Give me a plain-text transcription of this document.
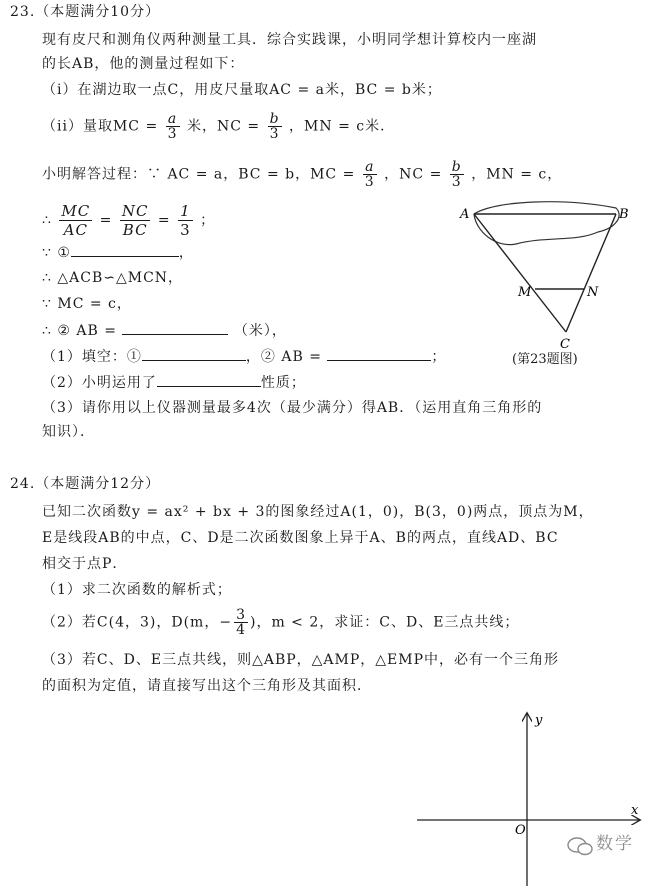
23.（本题满分10分）
现有皮尺和测角仪两种测量工具．综合实践课，小明同学想计算校内一座湖
的长AB，他的测量过程如下：
（i）在湖边取一点C，用皮尺量取AC = a米，BC = b米；
（ii）量取MC = $\frac{a}{3}$ 米，NC = $\frac{b}{3}$ ，MN = c米．
小明解答过程：∵ AC = a，BC = b，MC = $\frac{a}{3}$ ，NC = $\frac{b}{3}$ ，MN = c，
∴ $\frac{MC}{AC} = \frac{NC}{BC} = \frac{1}{3}$ ；
∵ ①	，
∴ △ACB∽△MCN，
∵ MC = c，
∴ ② AB =	（米），
（1）填空：①	，② AB =	；
（2）小明运用了	性质；
（3）请你用以上仪器测量最多4次（最少满分）得AB．（运用直角三角形的
知识）．
A	B
M	N
C
(第23题图)
24.（本题满分12分）
已知二次函数y = ax² + bx + 3的图象经过A(1，0)，B(3，0)两点，顶点为M，
E是线段AB的中点，C、D是二次函数图象上异于A、B的两点，直线AD、BC
相交于点P．
（1）求二次函数的解析式；
（2）若C(4，3)，D(m，− $\frac{3}{4}$ )，m < 2，求证：C、D、E三点共线；
（3）若C、D、E三点共线，则△ABP，△AMP，△EMP中，必有一个三角形
的面积为定值，请直接写出这个三角形及其面积．
y
x
O
数学
